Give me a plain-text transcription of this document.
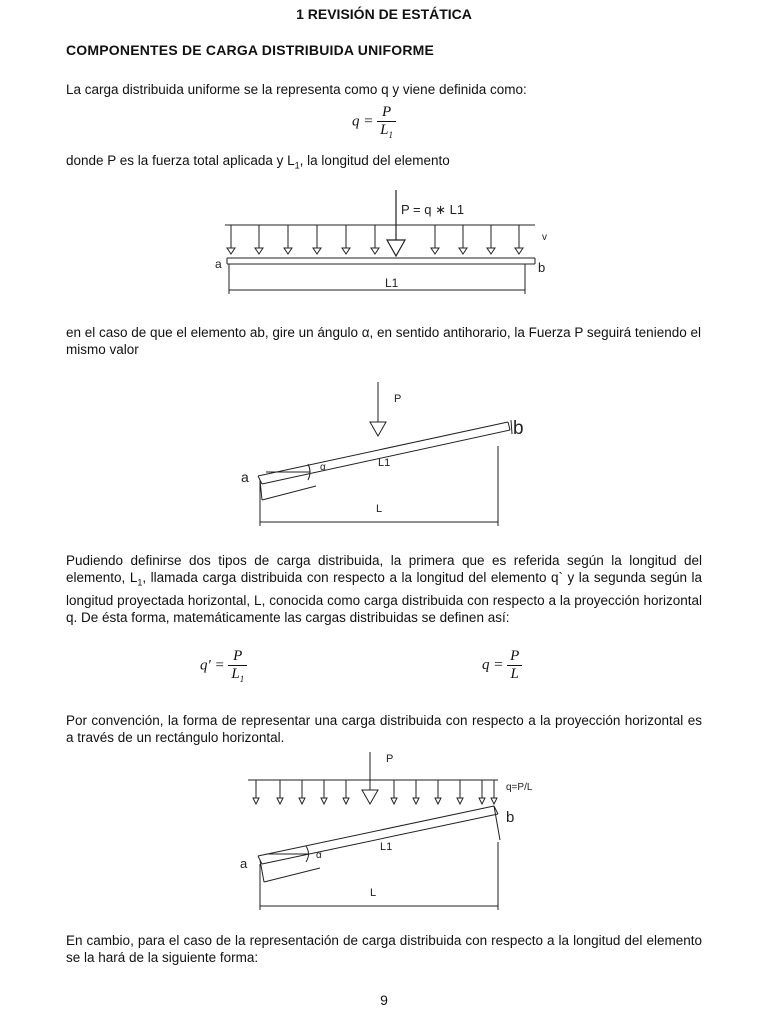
1 REVISIÓN DE ESTÁTICA
COMPONENTES DE CARGA DISTRIBUIDA UNIFORME
La carga distribuida uniforme se la representa como q y viene definida como:
$q = \frac{P}{L_1}$
donde P es la fuerza total aplicada y $L_1$, la longitud del elemento
P = q ∗ L1
v
a	b
L1
en el caso de que el elemento ab, gire un ángulo α, en sentido antihorario, la Fuerza P seguirá teniendo el mismo valor
P
a
b
α	L1
L
Pudiendo definirse dos tipos de carga distribuida, la primera que es referida según la longitud del elemento, $L_1$, llamada carga distribuida con respecto a la longitud del elemento q` y la segunda según la longitud proyectada horizontal, L, conocida como carga distribuida con respecto a la proyección horizontal q. De ésta forma, matemáticamente las cargas distribuidas se definen así:
$q' = \frac{P}{L_1}$	$q = \frac{P}{L}$
Por convención, la forma de representar una carga distribuida con respecto a la proyección horizontal es a través de un rectángulo horizontal.
P
q=P/L
a
b
α
L1
L
En cambio, para el caso de la representación de carga distribuida con respecto a la longitud del elemento se la hará de la siguiente forma:
9
